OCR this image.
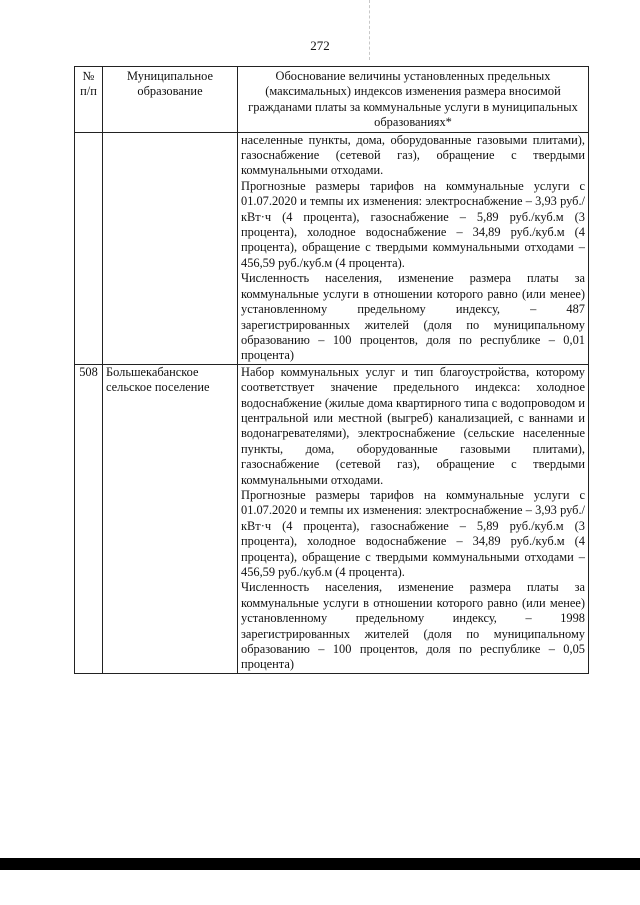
272
№ п/п	Муниципальное образование	Обоснование величины установленных предельных (максимальных) индексов изменения размера вносимой гражданами платы за коммунальные услуги в муниципальных образованиях*

		населенные пункты, дома, оборудованные газовыми плитами), газоснабжение (сетевой газ), обращение с твердыми коммунальными отходами.

Прогнозные размеры тарифов на коммунальные услуги с 01.07.2020 и темпы их изменения: электроснабжение – 3,93 руб./кВт·ч (4 процента), газоснабжение – 5,89 руб./куб.м (3 процента), холодное водоснабжение – 34,89 руб./куб.м (4 процента), обращение с твердыми коммунальными отходами – 456,59 руб./куб.м (4 процента).

Численность населения, изменение размера платы за коммунальные услуги в отношении которого равно (или менее) установленному предельному индексу, – 487 зарегистрированных жителей (доля по муниципальному образованию – 100 процентов, доля по республике – 0,01 процента)

508	Большекабанское сельское поселение	Набор коммунальных услуг и тип благоустройства, которому соответствует значение предельного индекса: холодное водоснабжение (жилые дома квартирного типа с водопроводом и центральной или местной (выгреб) канализацией, с ваннами и водонагревателями), электроснабжение (сельские населенные пункты, дома, оборудованные газовыми плитами), газоснабжение (сетевой газ), обращение с твердыми коммунальными отходами.

Прогнозные размеры тарифов на коммунальные услуги с 01.07.2020 и темпы их изменения: электроснабжение – 3,93 руб./кВт·ч (4 процента), газоснабжение – 5,89 руб./куб.м (3 процента), холодное водоснабжение – 34,89 руб./куб.м (4 процента), обращение с твердыми коммунальными отходами – 456,59 руб./куб.м (4 процента).

Численность населения, изменение размера платы за коммунальные услуги в отношении которого равно (или менее) установленному предельному индексу, – 1998 зарегистрированных жителей (доля по муниципальному образованию – 100 процентов, доля по республике – 0,05 процента)
